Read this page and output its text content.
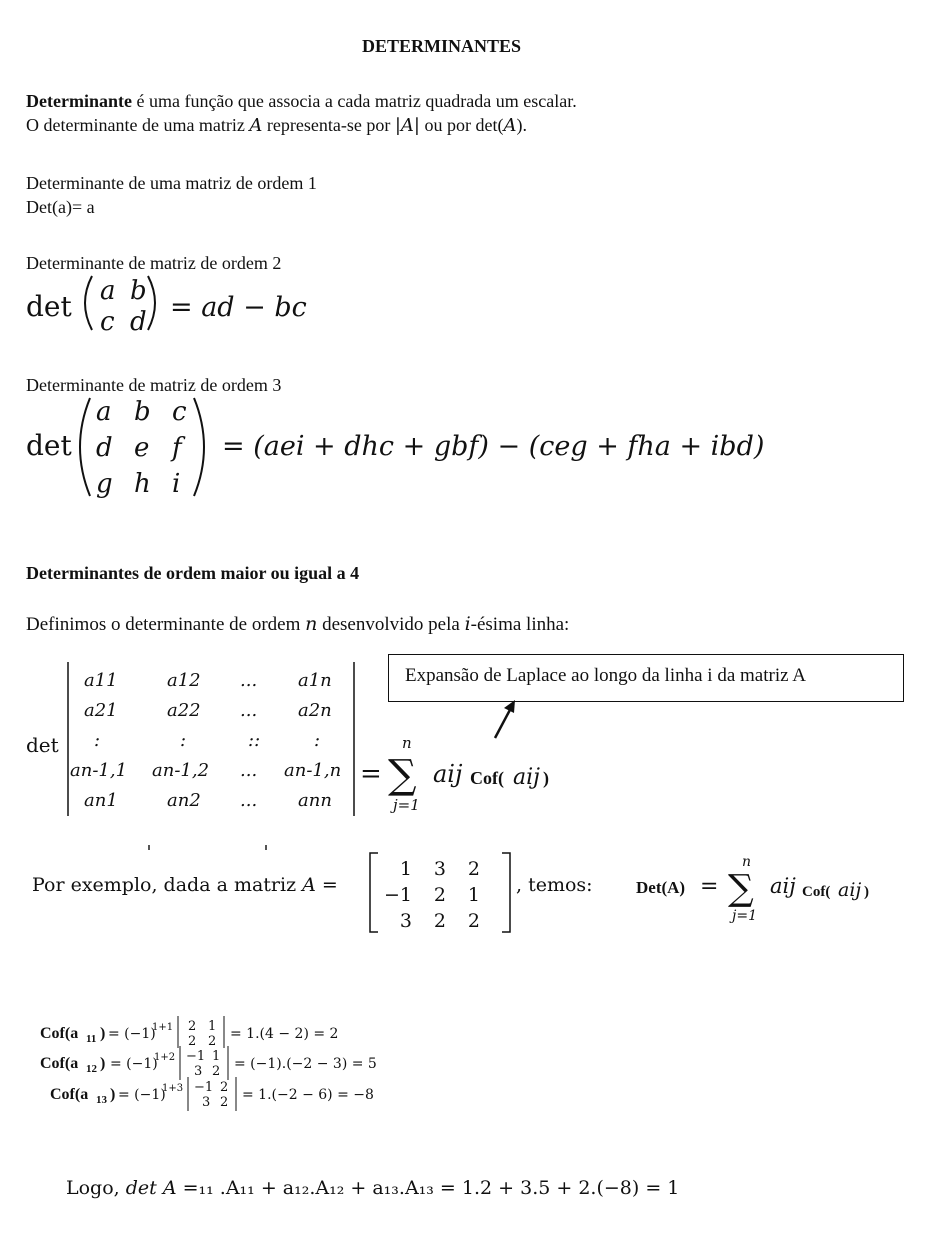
DETERMINANTES
Determinante é uma função que associa a cada matriz quadrada um escalar.
O determinante de uma matriz A representa-se por |A| ou por det(A).
Determinante de uma matriz de ordem 1
Det(a)= a
Determinante de matriz de ordem 2
Determinante de matriz de ordem 3
Determinantes de ordem maior ou igual a 4
Definimos o determinante de ordem n desenvolvido pela i-ésima linha:
Expansão de Laplace ao longo da linha i da matriz A
Por exemplo, dada a matriz A =	, temos:
Logo, det A =₁₁ .A₁₁ + a₁₂.A₁₂ + a₁₃.A₁₃ = 1.2 + 3.5 + 2.(−8) = 1
det a b
c d = ad − bc
det
a b c
d e f
g h i
= (aei + dhc + gbf) − (ceg + fha + ibd)
det
a11	a12 ... a1n
a21	a22 ... a2n
:	:	::	:
an-1,1 an-1,2 ... an-1,n
an1	an2 ... ann
=
n
∑
j=1
aij Cof( aij )
1 3 2
−1 2 1
3 2 2
Det(A) =
n
∑
j=1
aij Cof( aij )
Cof(a 11 ) = (−1)
1+1 2 1
2 2 = 1.(4 − 2) = 2
Cof(a 12 ) = (−1)
1+2 −1 1
3 2 = (−1).(−2 − 3) = 5
Cof(a 13 ) = (−1)
1+3 −1 2
3 2 = 1.(−2 − 6) = −8
